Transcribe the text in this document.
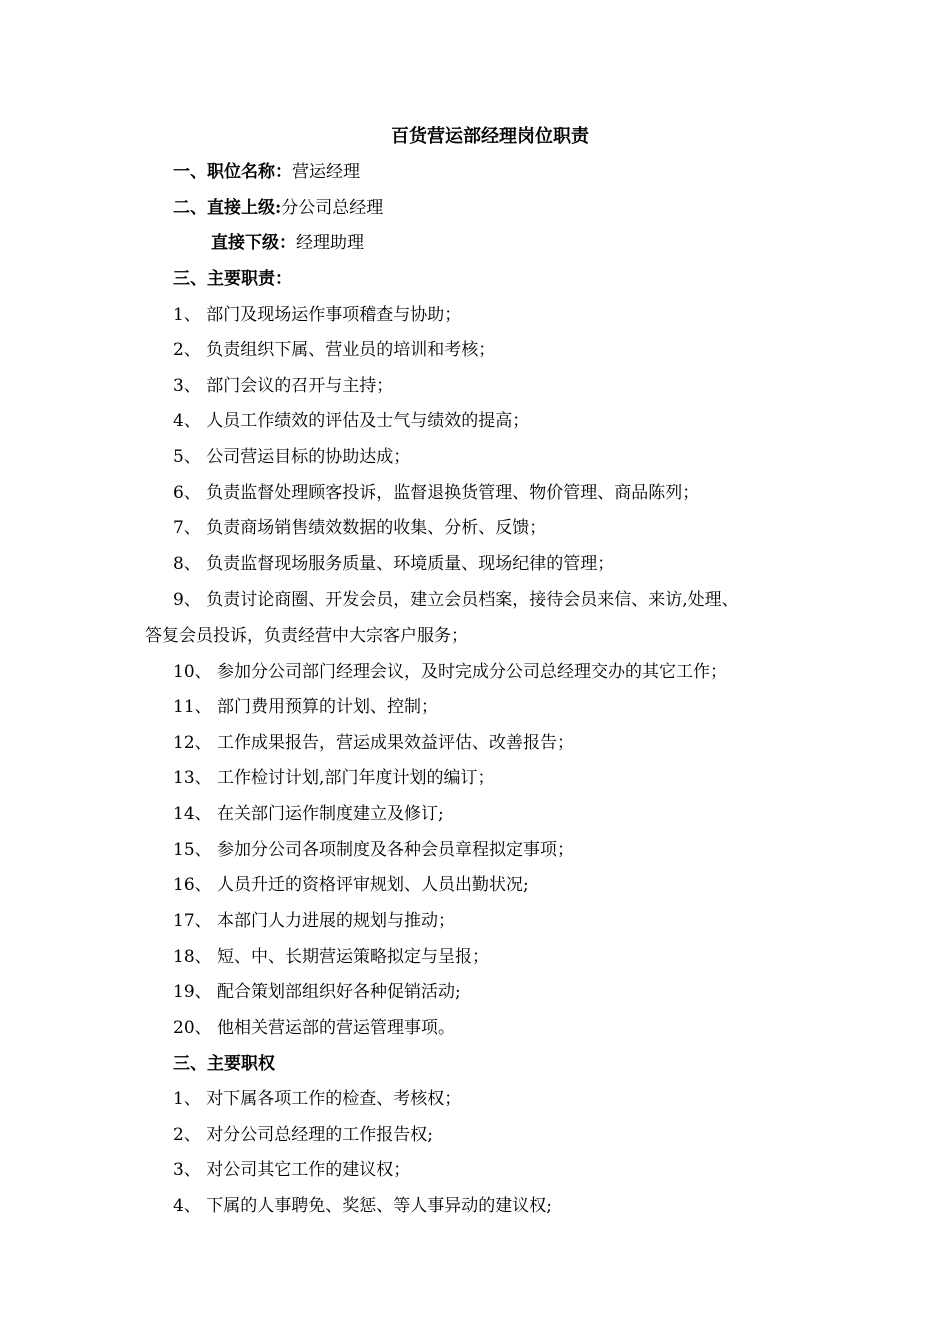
百货营运部经理岗位职责
一、职位名称：营运经理
二、直接上级:分公司总经理
直接下级：经理助理
三、主要职责：
1、 部门及现场运作事项稽查与协助；
2、 负责组织下属、营业员的培训和考核；
3、 部门会议的召开与主持；
4、 人员工作绩效的评估及士气与绩效的提高；
5、 公司营运目标的协助达成；
6、 负责监督处理顾客投诉，监督退换货管理、物价管理、商品陈列；
7、 负责商场销售绩效数据的收集、分析、反馈；
8、 负责监督现场服务质量、环境质量、现场纪律的管理；
9、 负责讨论商圈、开发会员，建立会员档案，接待会员来信、来访,处理、
答复会员投诉，负责经营中大宗客户服务；
10、 参加分公司部门经理会议，及时完成分公司总经理交办的其它工作；
11、 部门费用预算的计划、控制；
12、 工作成果报告，营运成果效益评估、改善报告；
13、 工作检讨计划,部门年度计划的编订；
14、 在关部门运作制度建立及修订;
15、 参加分公司各项制度及各种会员章程拟定事项；
16、 人员升迁的资格评审规划、人员出勤状况;
17、 本部门人力进展的规划与推动；
18、 短、中、长期营运策略拟定与呈报；
19、 配合策划部组织好各种促销活动;
20、 他相关营运部的营运管理事项。
三、主要职权
1、 对下属各项工作的检查、考核权；
2、 对分公司总经理的工作报告权;
3、 对公司其它工作的建议权；
4、 下属的人事聘免、奖惩、等人事异动的建议权;
